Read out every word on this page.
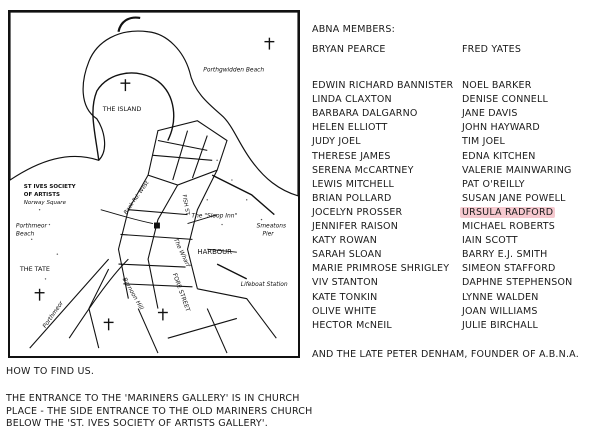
THE ISLAND
Porthgwidden Beach
ST IVES SOCIETY
OF ARTISTS
Norway Square
The "Sloop Inn"
Smeatons
Pier
Porthmeor
Beach
HARBOUR
THE TATE
Lifeboat Station
FORE STREET
The Wharf
Barnoon Hill
Porthmeor
Back Rd. West	FISH ST
ABNA MEMBERS:
BRYAN PEARCE
EDWIN RICHARD BANNISTER
LINDA CLAXTON
BARBARA DALGARNO
HELEN ELLIOTT
JUDY JOEL
THERESE JAMES
SERENA McCARTNEY
LEWIS MITCHELL
BRIAN POLLARD
JOCELYN PROSSER
JENNIFER RAISON
KATY ROWAN
SARAH SLOAN
MARIE PRIMROSE SHRIGLEY
VIV STANTON
KATE TONKIN
OLIVE WHITE
HECTOR McNEIL
FRED YATES
NOEL BARKER
DENISE CONNELL
JANE DAVIS
JOHN HAYWARD
TIM JOEL
EDNA KITCHEN
VALERIE MAINWARING
PAT O'REILLY
SUSAN JANE POWELL
URSULA RADFORD
MICHAEL ROBERTS
IAIN SCOTT
BARRY E.J. SMITH
SIMEON STAFFORD
DAPHNE STEPHENSON
LYNNE WALDEN
JOAN WILLIAMS
JULIE BIRCHALL
AND THE LATE PETER DENHAM, FOUNDER OF A.B.N.A.
HOW TO FIND US.
THE ENTRANCE TO THE 'MARINERS GALLERY' IS IN CHURCH
PLACE - THE SIDE ENTRANCE TO THE OLD MARINERS CHURCH
BELOW THE 'ST. IVES SOCIETY OF ARTISTS GALLERY'.
